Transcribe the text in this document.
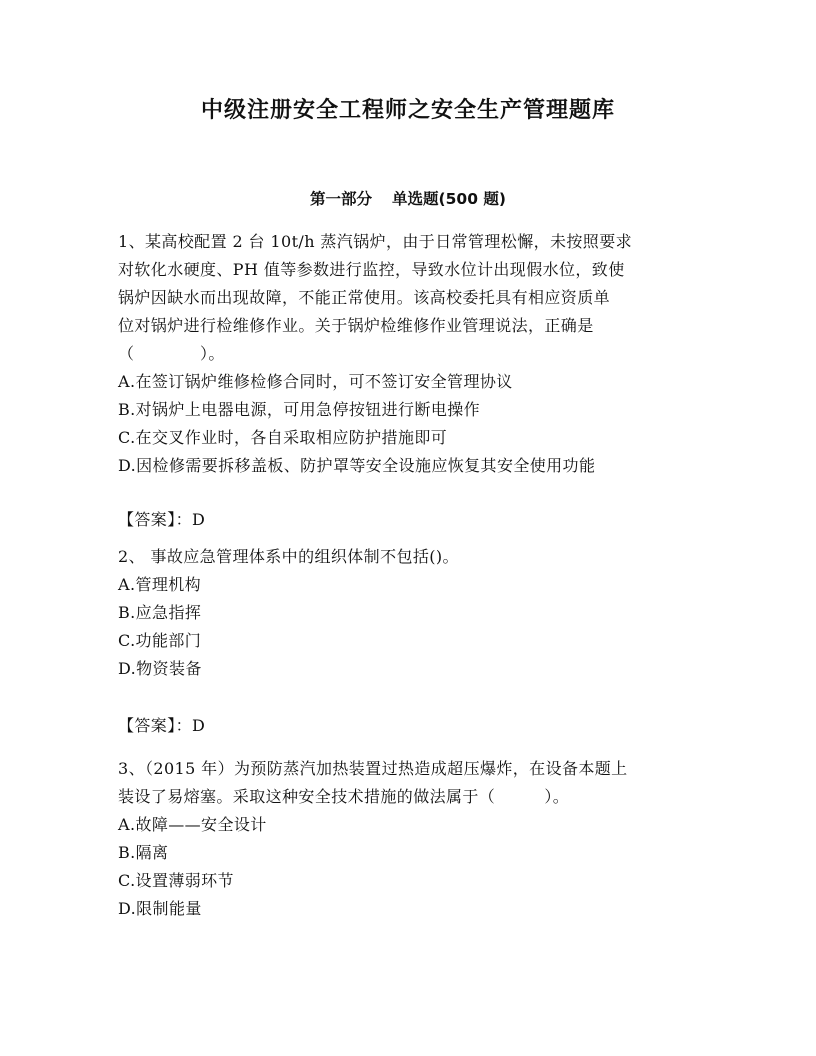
中级注册安全工程师之安全生产管理题库
第一部分 单选题(500 题)
1、某高校配置 2 台 10t/h 蒸汽锅炉，由于日常管理松懈，未按照要求
对软化水硬度、PH 值等参数进行监控，导致水位计出现假水位，致使
锅炉因缺水而出现故障，不能正常使用。该高校委托具有相应资质单
位对锅炉进行检维修作业。关于锅炉检维修作业管理说法，正确是
（　　　　）。
A.在签订锅炉维修检修合同时，可不签订安全管理协议
B.对锅炉上电器电源，可用急停按钮进行断电操作
C.在交叉作业时，各自采取相应防护措施即可
D.因检修需要拆移盖板、防护罩等安全设施应恢复其安全使用功能
【答案】：D
2、 事故应急管理体系中的组织体制不包括()。
A.管理机构
B.应急指挥
C.功能部门
D.物资装备
【答案】：D
3、（2015 年）为预防蒸汽加热装置过热造成超压爆炸，在设备本题上
装设了易熔塞。采取这种安全技术措施的做法属于（　　　）。
A.故障——安全设计
B.隔离
C.设置薄弱环节
D.限制能量
